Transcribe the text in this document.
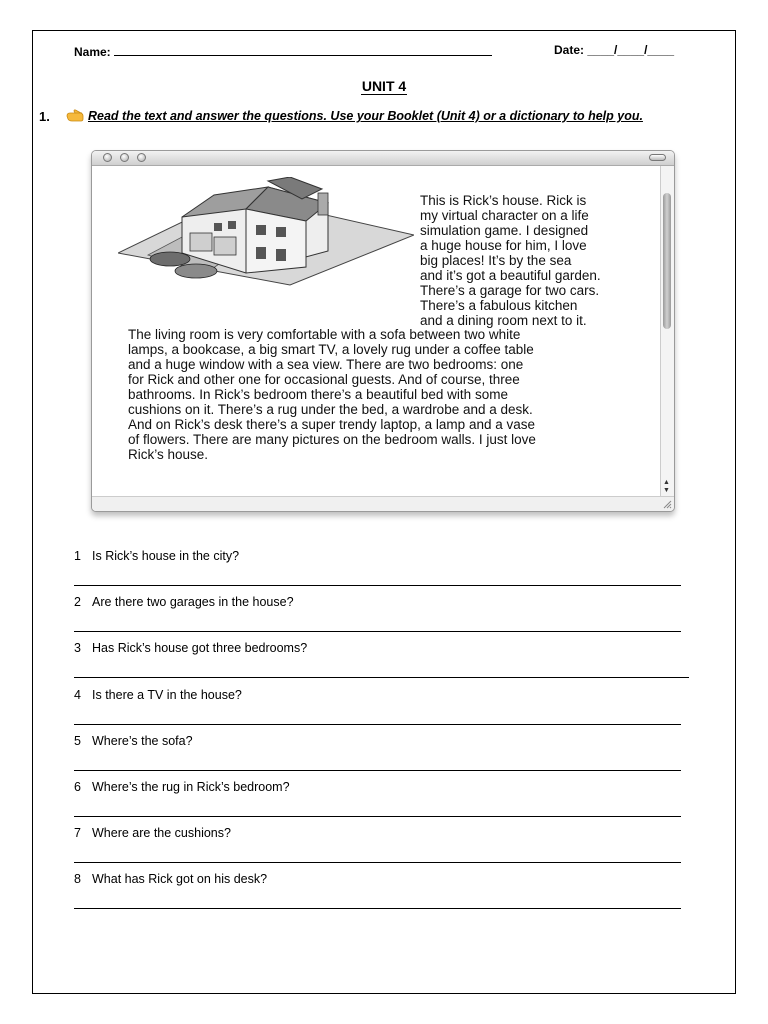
Name:	Date: ____/____/____
UNIT 4
1.	Read the text and answer the questions. Use your Booklet (Unit 4) or a dictionary to help you.
This is Rick’s house. Rick is
my virtual character on a life
simulation game. I designed
a huge house for him, I love
big places! It’s by the sea
and it’s got a beautiful garden.
There’s a garage for two cars.
There’s a fabulous kitchen
and a dining room next to it.
The living room is very comfortable with a sofa between two white
lamps, a bookcase, a big smart TV, a lovely rug under a coffee table
and a huge window with a sea view. There are two bedrooms: one
for Rick and other one for occasional guests. And of course, three
bathrooms. In Rick’s bedroom there’s a beautiful bed with some
cushions on it. There’s a rug under the bed, a wardrobe and a desk.
And on Rick’s desk there’s a super trendy laptop, a lamp and a vase
of flowers. There are many pictures on the bedroom walls. I just love
Rick’s house.
▲
▼
1 Is Rick’s house in the city?
2 Are there two garages in the house?
3 Has Rick’s house got three bedrooms?
4 Is there a TV in the house?
5 Where’s the sofa?
6 Where’s the rug in Rick’s bedroom?
7 Where are the cushions?
8 What has Rick got on his desk?
